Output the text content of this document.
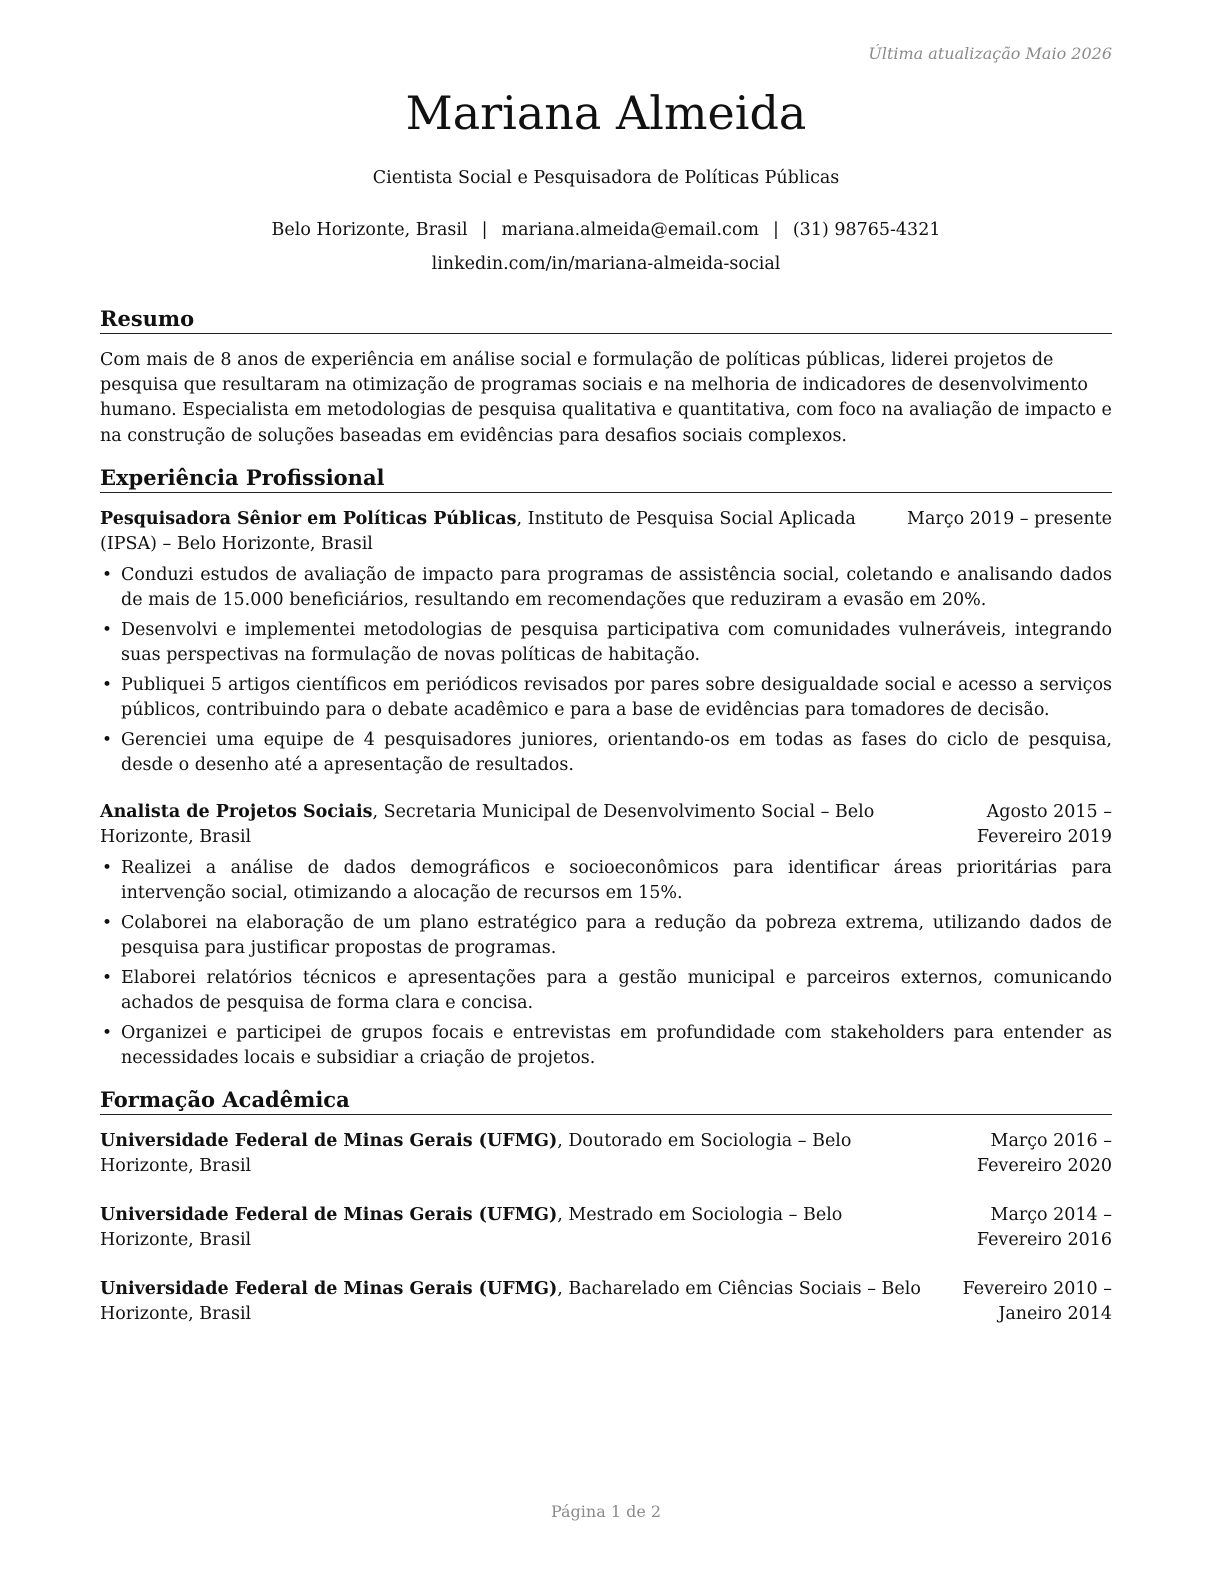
Última atualização Maio 2026
Mariana Almeida
Cientista Social e Pesquisadora de Políticas Públicas
Belo Horizonte, Brasil | mariana.almeida@email.com | (31) 98765-4321
linkedin.com/in/mariana-almeida-social
Resumo

Com mais de 8 anos de experiência em análise social e formulação de políticas públicas, liderei projetos de pesquisa que resultaram na otimização de programas sociais e na melhoria de indicadores de desenvolvimento humano. Especialista em metodologias de pesquisa qualitativa e quantitativa, com foco na avaliação de impacto e na construção de soluções baseadas em evidências para desafios sociais complexos.

Experiência Profissional
Pesquisadora Sênior em Políticas Públicas, Instituto de Pesquisa Social Aplicada (IPSA) – Belo Horizonte, Brasil
Março 2019 – presente
• Conduzi estudos de avaliação de impacto para programas de assistência social, coletando e analisando dados de mais de 15.000 beneficiários, resultando em recomendações que reduziram a evasão em 20%.
• Desenvolvi e implementei metodologias de pesquisa participativa com comunidades vulneráveis, integrando suas perspectivas na formulação de novas políticas de habitação.
• Publiquei 5 artigos científicos em periódicos revisados por pares sobre desigualdade social e acesso a serviços públicos, contribuindo para o debate acadêmico e para a base de evidências para tomadores de decisão.
• Gerenciei uma equipe de 4 pesquisadores juniores, orientando-os em todas as fases do ciclo de pesquisa, desde o desenho até a apresentação de resultados.
Analista de Projetos Sociais, Secretaria Municipal de Desenvolvimento Social – Belo Horizonte, Brasil
Agosto 2015 – Fevereiro 2019
• Realizei a análise de dados demográficos e socioeconômicos para identificar áreas prioritárias para intervenção social, otimizando a alocação de recursos em 15%.
• Colaborei na elaboração de um plano estratégico para a redução da pobreza extrema, utilizando dados de pesquisa para justificar propostas de programas.
• Elaborei relatórios técnicos e apresentações para a gestão municipal e parceiros externos, comunicando achados de pesquisa de forma clara e concisa.
• Organizei e participei de grupos focais e entrevistas em profundidade com stakeholders para entender as necessidades locais e subsidiar a criação de projetos.
Formação Acadêmica
Universidade Federal de Minas Gerais (UFMG), Doutorado em Sociologia – Belo Horizonte, Brasil
Março 2016 – Fevereiro 2020
Universidade Federal de Minas Gerais (UFMG), Mestrado em Sociologia – Belo Horizonte, Brasil
Março 2014 – Fevereiro 2016
Universidade Federal de Minas Gerais (UFMG), Bacharelado em Ciências Sociais – Belo Horizonte, Brasil
Fevereiro 2010 – Janeiro 2014
Página 1 de 2
